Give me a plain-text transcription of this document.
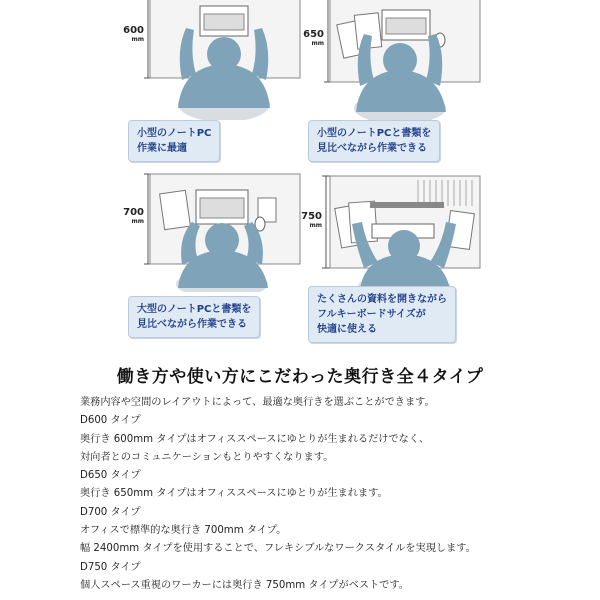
600
mm
小型のノートPC
作業に最適
650
mm
小型のノートPCと書類を
見比べながら作業できる
700
mm
大型のノートPCと書類を
見比べながら作業できる
750
mm
たくさんの資料を開きながら
フルキーボードサイズが
快適に使える
働き方や使い方にこだわった奥行き全４タイプ
業務内容や空間のレイアウトによって、最適な奥行きを選ぶことができます。
D600 タイプ
奥行き 600mm タイプはオフィススペースにゆとりが生まれるだけでなく、
対向者とのコミュニケーションもとりやすくなります。
D650 タイプ
奥行き 650mm タイプはオフィススペースにゆとりが生まれます。
D700 タイプ
オフィスで標準的な奥行き 700mm タイプ。
幅 2400mm タイプを使用することで、フレキシブルなワークスタイルを実現します。
D750 タイプ
個人スペース重視のワーカーには奥行き 750mm タイプがベストです。
